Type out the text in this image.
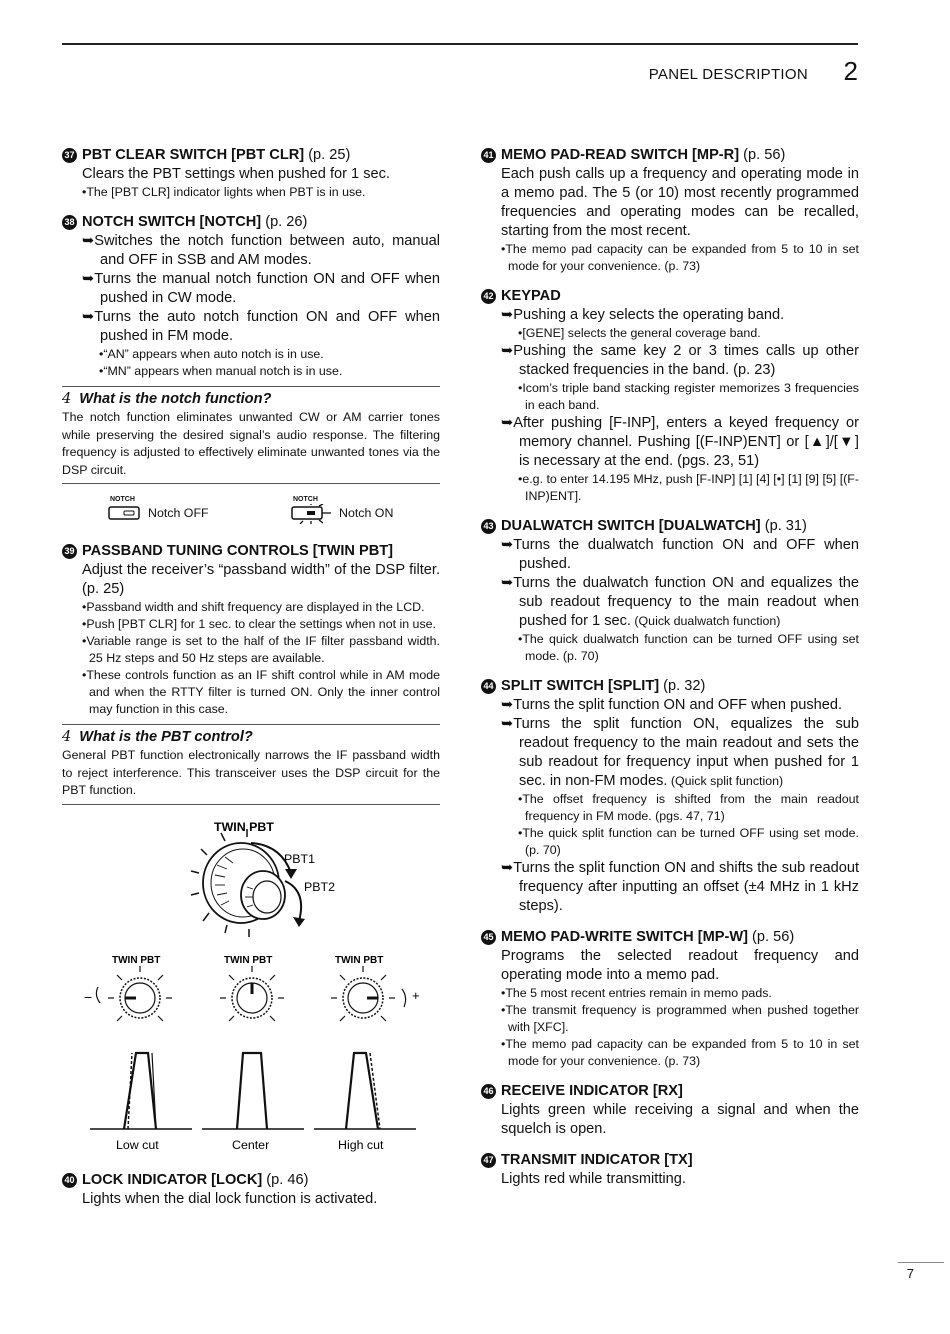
PANEL DESCRIPTION 2
37 PBT CLEAR SWITCH [PBT CLR] (p. 25)
Clears the PBT settings when pushed for 1 sec.
•The [PBT CLR] indicator lights when PBT is in use.
38 NOTCH SWITCH [NOTCH] (p. 26)
➥Switches the notch function between auto, manual and OFF in SSB and AM modes.
➥Turns the manual notch function ON and OFF when pushed in CW mode.
➥Turns the auto notch function ON and OFF when pushed in FM mode.
•“AN” appears when auto notch is in use.
•“MN” appears when manual notch is in use.
4 What is the notch function?
The notch function eliminates unwanted CW or AM carrier tones while preserving the desired signal’s audio response. The filtering frequency is adjusted to effectively eliminate unwanted tones via the DSP circuit.
NOTCH
Notch OFF
NOTCH
Notch ON
39 PASSBAND TUNING CONTROLS [TWIN PBT]
Adjust the receiver’s “passband width” of the DSP filter. (p. 25)
•Passband width and shift frequency are displayed in the LCD.
•Push [PBT CLR] for 1 sec. to clear the settings when not in use.
•Variable range is set to the half of the IF filter passband width. 25 Hz steps and 50 Hz steps are available.
•These controls function as an IF shift control while in AM mode and when the RTTY filter is turned ON. Only the inner control may function in this case.
4 What is the PBT control?
General PBT function electronically narrows the IF passband width to reject interference. This transceiver uses the DSP circuit for the PBT function.
TWIN PBT
PBT1
PBT2
TWIN PBT	TWIN PBT	TWIN PBT
−	+
Low cut	Center	High cut
40 LOCK INDICATOR [LOCK] (p. 46)
Lights when the dial lock function is activated.
41 MEMO PAD-READ SWITCH [MP-R] (p. 56)
Each push calls up a frequency and operating mode in a memo pad. The 5 (or 10) most recently programmed frequencies and operating modes can be recalled, starting from the most recent.
•The memo pad capacity can be expanded from 5 to 10 in set mode for your convenience. (p. 73)
42 KEYPAD
➥Pushing a key selects the operating band.
•[GENE] selects the general coverage band.
➥Pushing the same key 2 or 3 times calls up other stacked frequencies in the band. (p. 23)
•Icom’s triple band stacking register memorizes 3 frequencies in each band.
➥After pushing [F-INP], enters a keyed frequency or memory channel. Pushing [(F-INP)ENT] or [▲]/[▼] is necessary at the end. (pgs. 23, 51)
•e.g. to enter 14.195 MHz, push [F-INP] [1] [4] [•] [1] [9] [5] [(F-INP)ENT].
43 DUALWATCH SWITCH [DUALWATCH] (p. 31)
➥Turns the dualwatch function ON and OFF when pushed.
➥Turns the dualwatch function ON and equalizes the sub readout frequency to the main readout when pushed for 1 sec. (Quick dualwatch function)
•The quick dualwatch function can be turned OFF using set mode. (p. 70)
44 SPLIT SWITCH [SPLIT] (p. 32)
➥Turns the split function ON and OFF when pushed.
➥Turns the split function ON, equalizes the sub readout frequency to the main readout and sets the sub readout for frequency input when pushed for 1 sec. in non-FM modes. (Quick split function)
•The offset frequency is shifted from the main readout frequency in FM mode. (pgs. 47, 71)
•The quick split function can be turned OFF using set mode. (p. 70)
➥Turns the split function ON and shifts the sub readout frequency after inputting an offset (±4 MHz in 1 kHz steps).
45 MEMO PAD-WRITE SWITCH [MP-W] (p. 56)
Programs the selected readout frequency and operating mode into a memo pad.
•The 5 most recent entries remain in memo pads.
•The transmit frequency is programmed when pushed together with [XFC].
•The memo pad capacity can be expanded from 5 to 10 in set mode for your convenience. (p. 73)
46 RECEIVE INDICATOR [RX]
Lights green while receiving a signal and when the squelch is open.
47 TRANSMIT INDICATOR [TX]
Lights red while transmitting.
7
